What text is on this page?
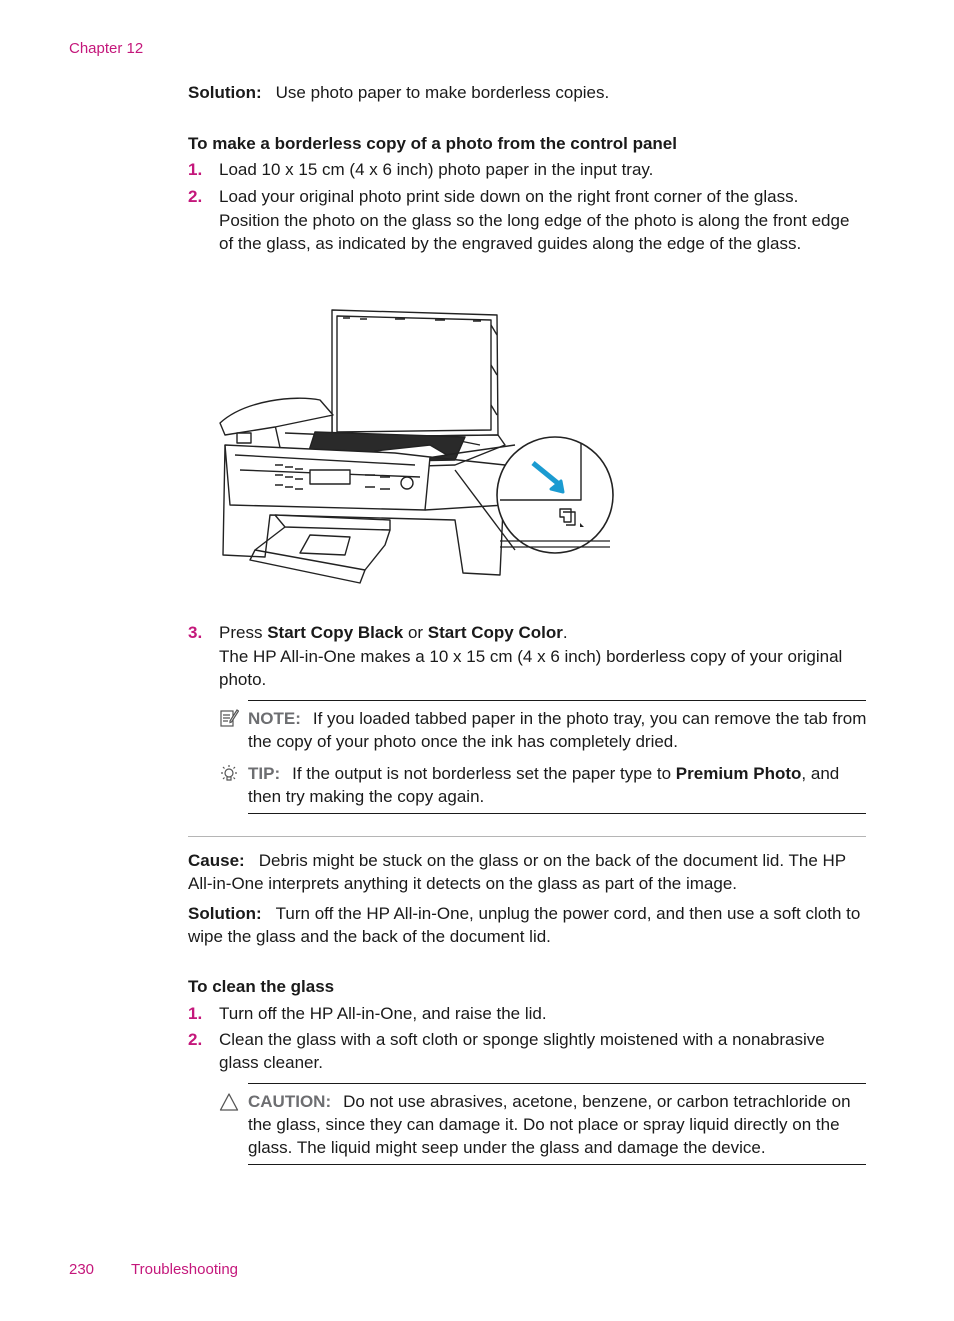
Chapter 12
Solution: Use photo paper to make borderless copies.
To make a borderless copy of a photo from the control panel
1. Load 10 x 15 cm (4 x 6 inch) photo paper in the input tray.
2. Load your original photo print side down on the right front corner of the glass.
Position the photo on the glass so the long edge of the photo is along the front edge of the glass, as indicated by the engraved guides along the edge of the glass.
3. Press Start Copy Black or Start Copy Color.
The HP All-in-One makes a 10 x 15 cm (4 x 6 inch) borderless copy of your original photo.
NOTE: If you loaded tabbed paper in the photo tray, you can remove the tab from the copy of your photo once the ink has completely dried.
TIP: If the output is not borderless set the paper type to Premium Photo, and then try making the copy again.
Cause: Debris might be stuck on the glass or on the back of the document lid. The HP All-in-One interprets anything it detects on the glass as part of the image.
Solution: Turn off the HP All-in-One, unplug the power cord, and then use a soft cloth to wipe the glass and the back of the document lid.
To clean the glass
1. Turn off the HP All-in-One, and raise the lid.
2. Clean the glass with a soft cloth or sponge slightly moistened with a nonabrasive glass cleaner.
CAUTION: Do not use abrasives, acetone, benzene, or carbon tetrachloride on the glass, since they can damage it. Do not place or spray liquid directly on the glass. The liquid might seep under the glass and damage the device.
230 Troubleshooting
